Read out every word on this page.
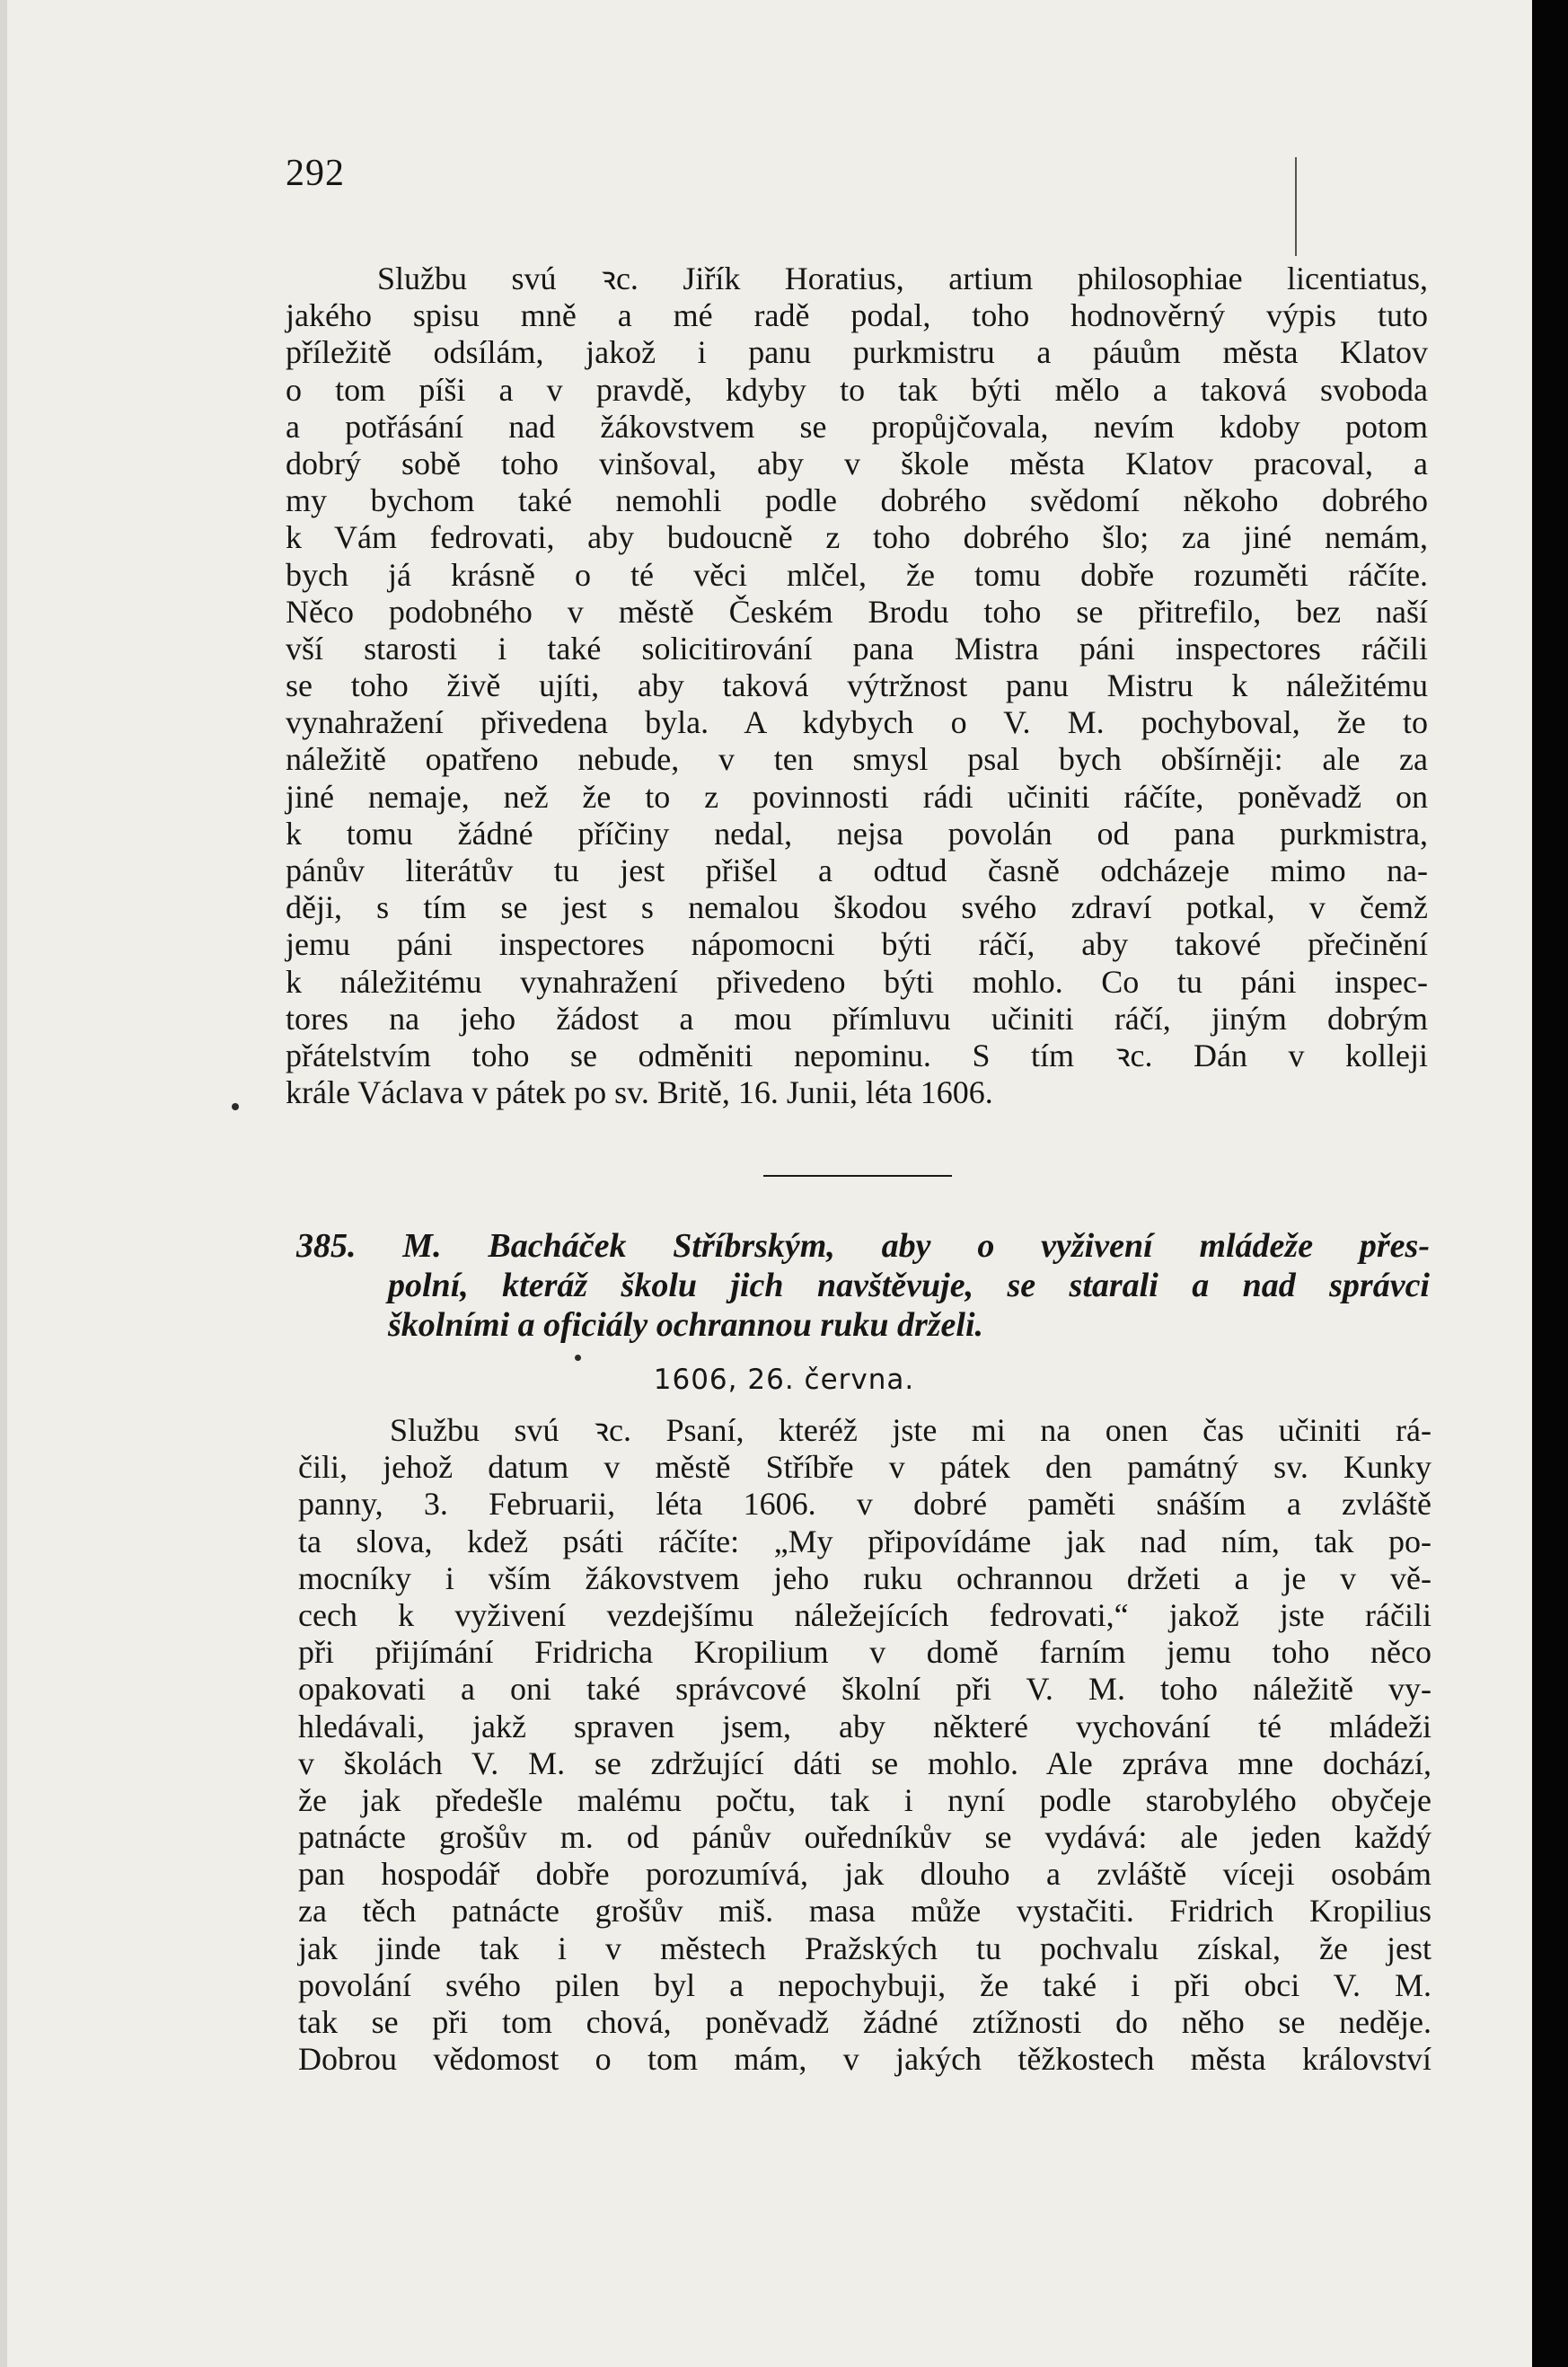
292
Službu svú ꝛc. Jiřík Horatius, artium philosophiae licentiatus,
jakého spisu mně a mé radě podal, toho hodnověrný výpis tuto
příležitě odsílám, jakož i panu purkmistru a páuům města Klatov
o tom píši a v pravdě, kdyby to tak býti mělo a taková svoboda
a potřásání nad žákovstvem se propůjčovala, nevím kdoby potom
dobrý sobě toho vinšoval, aby v škole města Klatov pracoval, a
my bychom také nemohli podle dobrého svědomí někoho dobrého
k Vám fedrovati, aby budoucně z toho dobrého šlo; za jiné nemám,
bych já krásně o té věci mlčel, že tomu dobře rozuměti ráčíte.
Něco podobného v městě Českém Brodu toho se přitrefilo, bez naší
vší starosti i také solicitirování pana Mistra páni inspectores ráčili
se toho živě ujíti, aby taková výtržnost panu Mistru k náležitému
vynahražení přivedena byla. A kdybych o V. M. pochyboval, že to
náležitě opatřeno nebude, v ten smysl psal bych obšírněji: ale za
jiné nemaje, než že to z povinnosti rádi učiniti ráčíte, poněvadž on
k tomu žádné příčiny nedal, nejsa povolán od pana purkmistra,
pánův literátův tu jest přišel a odtud časně odcházeje mimo na-
ději, s tím se jest s nemalou škodou svého zdraví potkal, v čemž
jemu páni inspectores nápomocni býti ráčí, aby takové přečinění
k náležitému vynahražení přivedeno býti mohlo. Co tu páni inspec-
tores na jeho žádost a mou přímluvu učiniti ráčí, jiným dobrým
přátelstvím toho se odměniti nepominu. S tím ꝛc. Dán v kolleji
krále Václava v pátek po sv. Britě, 16. Junii, léta 1606.
385. M. Bacháček Stříbrským, aby o vyživení mládeže přes-
polní, kteráž školu jich navštěvuje, se starali a nad správci
školními a oficiály ochrannou ruku drželi.
1606, 26. června.
Službu svú ꝛc. Psaní, kteréž jste mi na onen čas učiniti rá-
čili, jehož datum v městě Stříbře v pátek den památný sv. Kunky
panny, 3. Februarii, léta 1606. v dobré paměti snáším a zvláště
ta slova, kdež psáti ráčíte: „My připovídáme jak nad ním, tak po-
mocníky i vším žákovstvem jeho ruku ochrannou držeti a je v vě-
cech k vyživení vezdejšímu náležejících fedrovati,“ jakož jste ráčili
při přijímání Fridricha Kropilium v domě farním jemu toho něco
opakovati a oni také správcové školní při V. M. toho náležitě vy-
hledávali, jakž spraven jsem, aby některé vychování té mládeži
v školách V. M. se zdržující dáti se mohlo. Ale zpráva mne dochází,
že jak předešle malému počtu, tak i nyní podle starobylého obyčeje
patnácte grošův m. od pánův ouředníkův se vydává: ale jeden každý
pan hospodář dobře porozumívá, jak dlouho a zvláště víceji osobám
za těch patnácte grošův miš. masa může vystačiti. Fridrich Kropilius
jak jinde tak i v městech Pražských tu pochvalu získal, že jest
povolání svého pilen byl a nepochybuji, že také i při obci V. M.
tak se při tom chová, poněvadž žádné ztížnosti do něho se neděje.
Dobrou vědomost o tom mám, v jakých těžkostech města království
